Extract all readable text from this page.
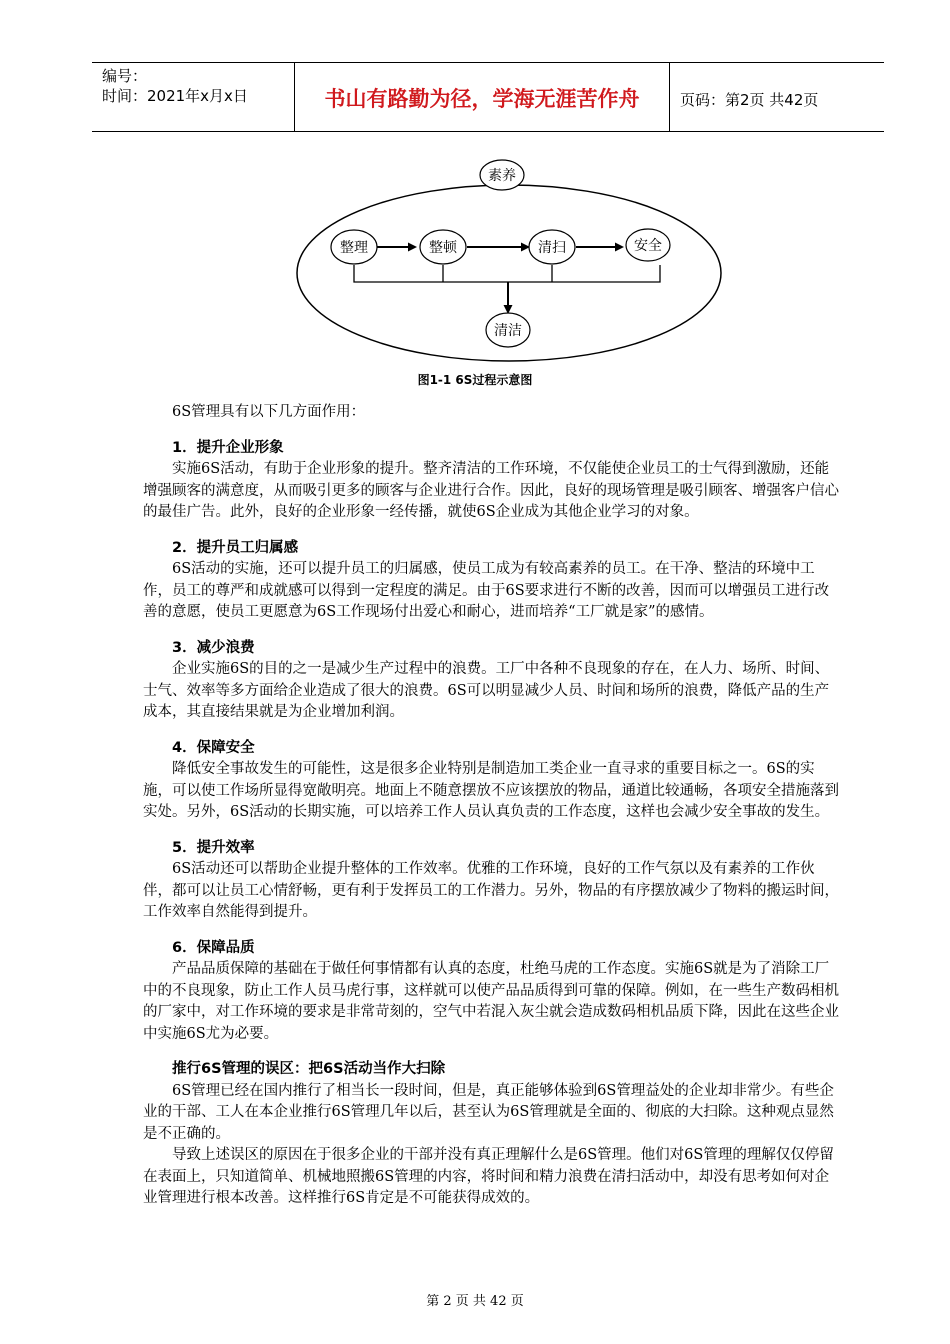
编号：
时间：2021年x月x日	书山有路勤为径，学海无涯苦作舟	页码：第2页 共42页
素养
整理	整顿	清扫	安全
清洁
图1-1 6S过程示意图

6S管理具有以下几方面作用：

1．提升企业形象

实施6S活动，有助于企业形象的提升。整齐清洁的工作环境，不仅能使企业员工的士气得到激励，还能增强顾客的满意度，从而吸引更多的顾客与企业进行合作。因此，良好的现场管理是吸引顾客、增强客户信心的最佳广告。此外，良好的企业形象一经传播，就使6S企业成为其他企业学习的对象。

2．提升员工归属感

6S活动的实施，还可以提升员工的归属感，使员工成为有较高素养的员工。在干净、整洁的环境中工作，员工的尊严和成就感可以得到一定程度的满足。由于6S要求进行不断的改善，因而可以增强员工进行改善的意愿，使员工更愿意为6S工作现场付出爱心和耐心，进而培养“工厂就是家”的感情。

3．减少浪费

企业实施6S的目的之一是减少生产过程中的浪费。工厂中各种不良现象的存在，在人力、场所、时间、士气、效率等多方面给企业造成了很大的浪费。6S可以明显减少人员、时间和场所的浪费，降低产品的生产成本，其直接结果就是为企业增加利润。

4．保障安全

降低安全事故发生的可能性，这是很多企业特别是制造加工类企业一直寻求的重要目标之一。6S的实施，可以使工作场所显得宽敞明亮。地面上不随意摆放不应该摆放的物品，通道比较通畅，各项安全措施落到实处。另外，6S活动的长期实施，可以培养工作人员认真负责的工作态度，这样也会减少安全事故的发生。

5．提升效率

6S活动还可以帮助企业提升整体的工作效率。优雅的工作环境，良好的工作气氛以及有素养的工作伙伴，都可以让员工心情舒畅，更有利于发挥员工的工作潜力。另外，物品的有序摆放减少了物料的搬运时间，工作效率自然能得到提升。

6．保障品质

产品品质保障的基础在于做任何事情都有认真的态度，杜绝马虎的工作态度。实施6S就是为了消除工厂中的不良现象，防止工作人员马虎行事，这样就可以使产品品质得到可靠的保障。例如，在一些生产数码相机的厂家中，对工作环境的要求是非常苛刻的，空气中若混入灰尘就会造成数码相机品质下降，因此在这些企业中实施6S尤为必要。

推行6S管理的误区：把6S活动当作大扫除

6S管理已经在国内推行了相当长一段时间，但是，真正能够体验到6S管理益处的企业却非常少。有些企业的干部、工人在本企业推行6S管理几年以后，甚至认为6S管理就是全面的、彻底的大扫除。这种观点显然是不正确的。

导致上述误区的原因在于很多企业的干部并没有真正理解什么是6S管理。他们对6S管理的理解仅仅停留在表面上，只知道简单、机械地照搬6S管理的内容，将时间和精力浪费在清扫活动中，却没有思考如何对企业管理进行根本改善。这样推行6S肯定是不可能获得成效的。

第 2 页 共 42 页
